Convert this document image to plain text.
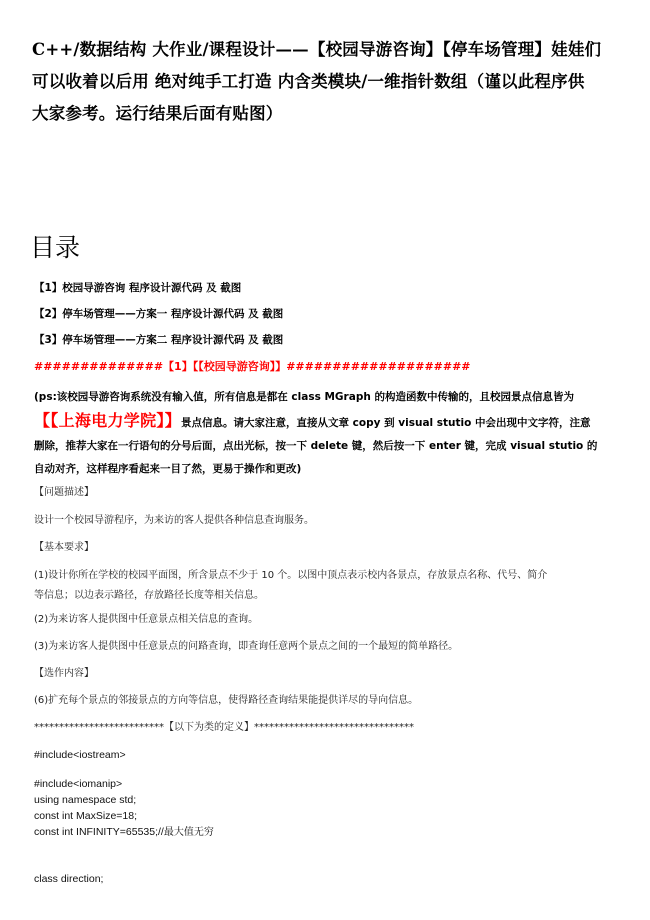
C++/数据结构 大作业/课程设计——【校园导游咨询】【停车场管理】娃娃们

可以收着以后用 绝对纯手工打造 内含类模块/一维指针数组（谨以此程序供

大家参考。运行结果后面有贴图）

目录
【1】校园导游咨询 程序设计源代码 及 截图
【2】停车场管理——方案一 程序设计源代码 及 截图
【3】停车场管理——方案二 程序设计源代码 及 截图
##############【1】【【校园导游咨询】】####################
(ps:该校园导游咨询系统没有输入值，所有信息是都在 class MGraph 的构造函数中传输的，且校园景点信息皆为
【【上海电力学院】】景点信息。请大家注意，直接从文章 copy 到 visual stutio 中会出现中文字符，注意
删除，推荐大家在一行语句的分号后面，点出光标，按一下 delete 键，然后按一下 enter 键，完成 visual stutio 的
自动对齐，这样程序看起来一目了然，更易于操作和更改)
【问题描述】
设计一个校园导游程序，为来访的客人提供各种信息查询服务。
【基本要求】
(1)设计你所在学校的校园平面图，所含景点不少于 10 个。以图中顶点表示校内各景点，存放景点名称、代号、简介
等信息；以边表示路径，存放路径长度等相关信息。
(2)为来访客人提供图中任意景点相关信息的查询。
(3)为来访客人提供图中任意景点的问路查询，即查询任意两个景点之间的一个最短的简单路径。
【选作内容】
(6)扩充每个景点的邻接景点的方向等信息，使得路径查询结果能提供详尽的导向信息。
**************************【以下为类的定义】********************************
#include<iostream>
#include<iomanip>
using namespace std;
const int MaxSize=18;
const int INFINITY=65535;//最大值无穷
class direction;
